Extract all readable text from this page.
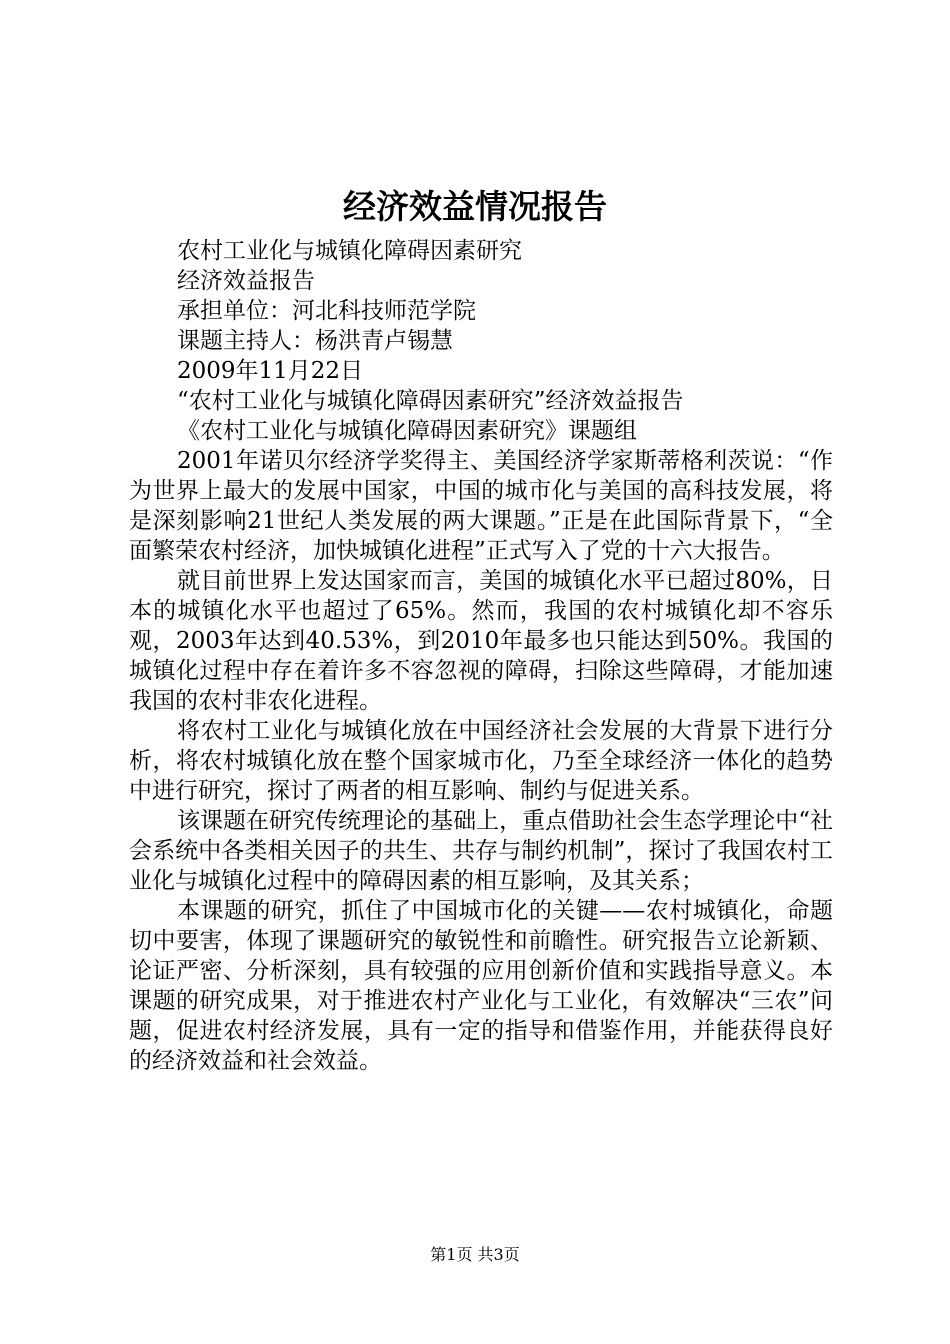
经济效益情况报告

农村工业化与城镇化障碍因素研究

经济效益报告

承担单位：河北科技师范学院

课题主持人：杨洪青卢锡慧

2009年11月22日

“农村工业化与城镇化障碍因素研究”经济效益报告

《农村工业化与城镇化障碍因素研究》课题组

2001年诺贝尔经济学奖得主、美国经济学家斯蒂格利茨说：“作为世界上最大的发展中国家，中国的城市化与美国的高科技发展，将是深刻影响21世纪人类发展的两大课题。”正是在此国际背景下，“全面繁荣农村经济，加快城镇化进程”正式写入了党的十六大报告。

就目前世界上发达国家而言，美国的城镇化水平已超过80%，日本的城镇化水平也超过了65%。然而，我国的农村城镇化却不容乐观，2003年达到40.53%，到2010年最多也只能达到50%。我国的城镇化过程中存在着许多不容忽视的障碍，扫除这些障碍，才能加速我国的农村非农化进程。

将农村工业化与城镇化放在中国经济社会发展的大背景下进行分析，将农村城镇化放在整个国家城市化，乃至全球经济一体化的趋势中进行研究，探讨了两者的相互影响、制约与促进关系。

该课题在研究传统理论的基础上，重点借助社会生态学理论中“社会系统中各类相关因子的共生、共存与制约机制”，探讨了我国农村工业化与城镇化过程中的障碍因素的相互影响，及其关系；

本课题的研究，抓住了中国城市化的关键——农村城镇化，命题切中要害，体现了课题研究的敏锐性和前瞻性。研究报告立论新颖、论证严密、分析深刻，具有较强的应用创新价值和实践指导意义。本课题的研究成果，对于推进农村产业化与工业化，有效解决“三农”问题，促进农村经济发展，具有一定的指导和借鉴作用，并能获得良好的经济效益和社会效益。

第1页 共3页
